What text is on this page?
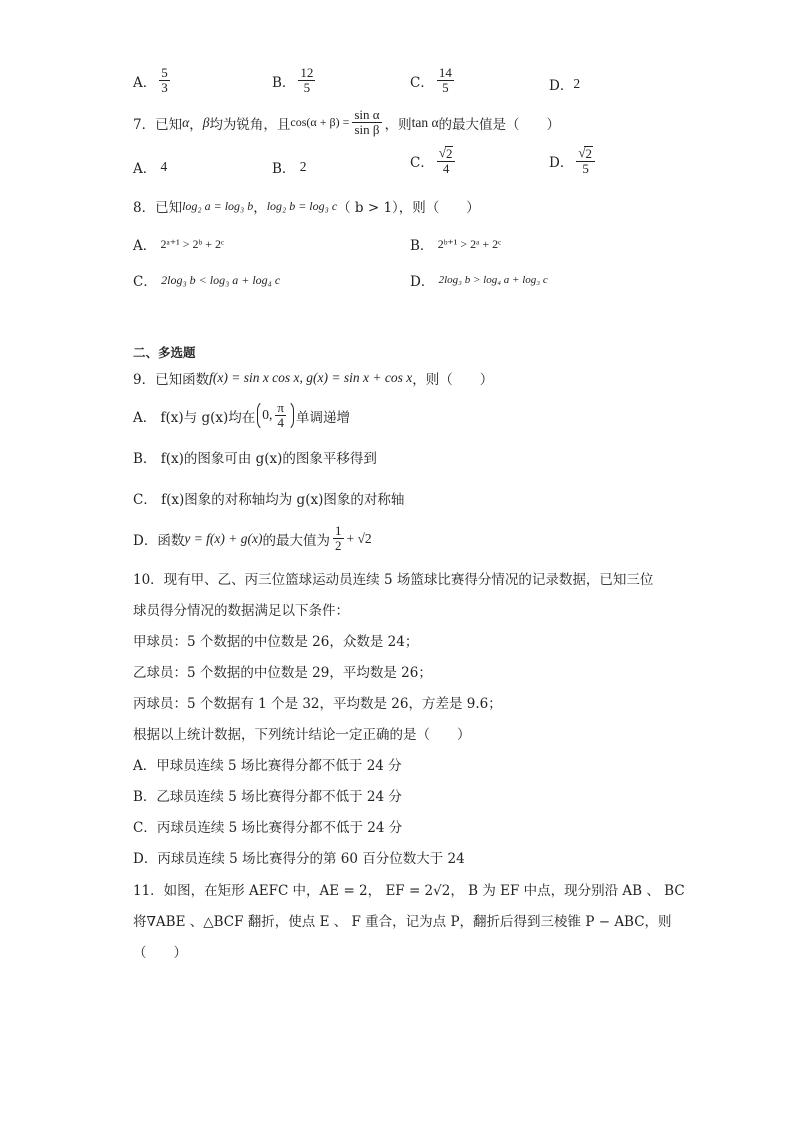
A． $\frac{5}{3}$	B． $\frac{12}{5}$	C． $\frac{14}{5}$	D． 2
7．已知 α ， β 均为锐角，且 $\cos(\alpha + \beta) = \frac{\text{sin α}}{\text{sin β}}$ ，则 tan α 的最大值是（　　）
A．
4	B．
2	C． $\frac{√ 2}{4}$	D． $\frac{√ 2}{5}$
8．已知 log₂ a = log₃ b ， log₂ b = log₃ c （ b > 1），则（　　）
A．
2ᵃ⁺¹ > 2ᵇ + 2ᶜ	B．
2ᵇ⁺¹ > 2ᵃ + 2ᶜ
C．
2log₃ b < log₃ a + log₄ c	D．
2log₃ b > log₄ a + log₃ c
二、多选题
9．已知函数 f(x) = sin x cos x, g(x) = sin x + cos x ，则（　　）
A．
f(x)与 g(x)均在 0, $\frac{\pi}{4}$ 单调递增
B． f(x)的图象可由 g(x)的图象平移得到
C． f(x)图象的对称轴均为 g(x)图象的对称轴
D．函数 y = f(x) + g(x) 的最大值为 $\frac{1}{2} + √2$
10．现有甲、乙、丙三位篮球运动员连续 5 场篮球比赛得分情况的记录数据，已知三位
球员得分情况的数据满足以下条件：
甲球员：5 个数据的中位数是 26，众数是 24；
乙球员：5 个数据的中位数是 29，平均数是 26；
丙球员：5 个数据有 1 个是 32，平均数是 26，方差是 9.6；
根据以上统计数据，下列统计结论一定正确的是（　　）
A．甲球员连续 5 场比赛得分都不低于 24 分
B．乙球员连续 5 场比赛得分都不低于 24 分
C．丙球员连续 5 场比赛得分都不低于 24 分
D．丙球员连续 5 场比赛得分的第 60 百分位数大于 24
11．如图，在矩形 AEFC 中，AE = 2， EF = 2√2， B 为 EF 中点，现分别沿 AB 、 BC
将∇ABE 、△BCF 翻折，使点 E 、 F 重合，记为点 P，翻折后得到三棱锥 P − ABC，则
（　　）
